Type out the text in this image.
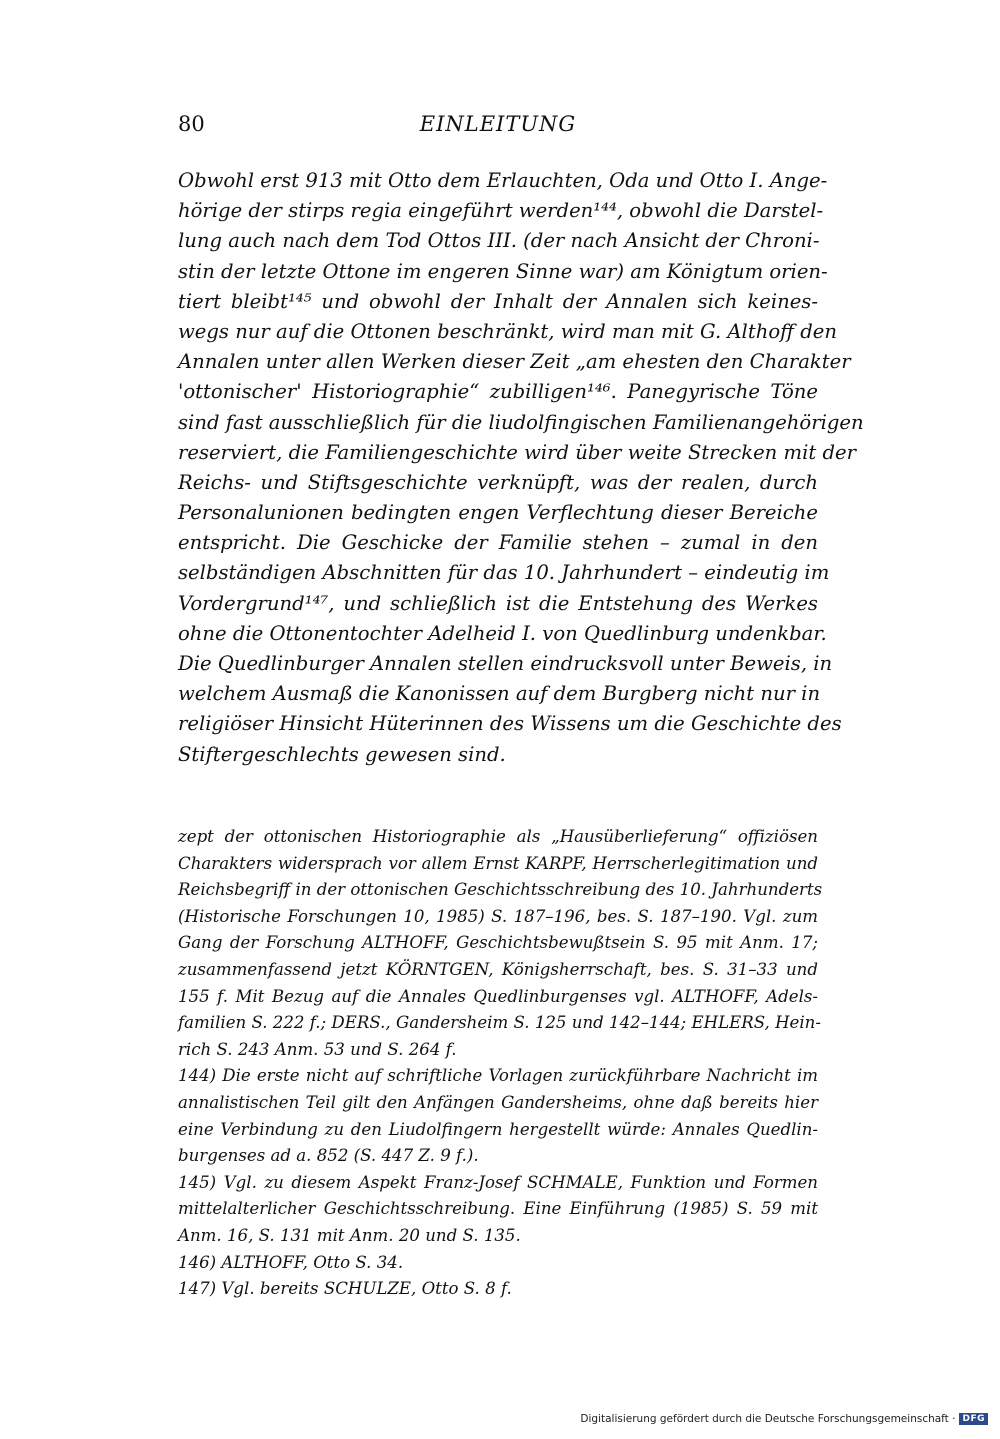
80	EINLEITUNG
Obwohl erst 913 mit Otto dem Erlauchten, Oda und Otto I. Ange-
hörige der stirps regia eingeführt werden¹⁴⁴, obwohl die Darstel-
lung auch nach dem Tod Ottos III. (der nach Ansicht der Chroni-
stin der letzte Ottone im engeren Sinne war) am Königtum orien-
tiert bleibt¹⁴⁵ und obwohl der Inhalt der Annalen sich keines-
wegs nur auf die Ottonen beschränkt, wird man mit G. Althoff den
Annalen unter allen Werken dieser Zeit „am ehesten den Charakter
'ottonischer' Historiographie“ zubilligen¹⁴⁶. Panegyrische Töne
sind fast ausschließlich für die liudolfingischen Familienangehörigen
reserviert, die Familiengeschichte wird über weite Strecken mit der
Reichs- und Stiftsgeschichte verknüpft, was der realen, durch
Personalunionen bedingten engen Verflechtung dieser Bereiche
entspricht. Die Geschicke der Familie stehen – zumal in den
selbständigen Abschnitten für das 10. Jahrhundert – eindeutig im
Vordergrund¹⁴⁷, und schließlich ist die Entstehung des Werkes
ohne die Ottonentochter Adelheid I. von Quedlinburg undenkbar.
Die Quedlinburger Annalen stellen eindrucksvoll unter Beweis, in
welchem Ausmaß die Kanonissen auf dem Burgberg nicht nur in
religiöser Hinsicht Hüterinnen des Wissens um die Geschichte des
Stiftergeschlechts gewesen sind.
zept der ottonischen Historiographie als „Hausüberlieferung“ offiziösen
Charakters widersprach vor allem Ernst KARPF, Herrscherlegitimation und
Reichsbegriff in der ottonischen Geschichtsschreibung des 10. Jahrhunderts
(Historische Forschungen 10, 1985) S. 187–196, bes. S. 187–190. Vgl. zum
Gang der Forschung ALTHOFF, Geschichtsbewußtsein S. 95 mit Anm. 17;
zusammenfassend jetzt KÖRNTGEN, Königsherrschaft, bes. S. 31–33 und
155 f. Mit Bezug auf die Annales Quedlinburgenses vgl. ALTHOFF, Adels-
familien S. 222 f.; DERS., Gandersheim S. 125 und 142–144; EHLERS, Hein-
rich S. 243 Anm. 53 und S. 264 f.
144) Die erste nicht auf schriftliche Vorlagen zurückführbare Nachricht im
annalistischen Teil gilt den Anfängen Gandersheims, ohne daß bereits hier
eine Verbindung zu den Liudolfingern hergestellt würde: Annales Quedlin-
burgenses ad a. 852 (S. 447 Z. 9 f.).
145) Vgl. zu diesem Aspekt Franz-Josef SCHMALE, Funktion und Formen
mittelalterlicher Geschichtsschreibung. Eine Einführung (1985) S. 59 mit
Anm. 16, S. 131 mit Anm. 20 und S. 135.
146) ALTHOFF, Otto S. 34.
147) Vgl. bereits SCHULZE, Otto S. 8 f.
Digitalisierung gefördert durch die Deutsche Forschungsgemeinschaft · DFG
